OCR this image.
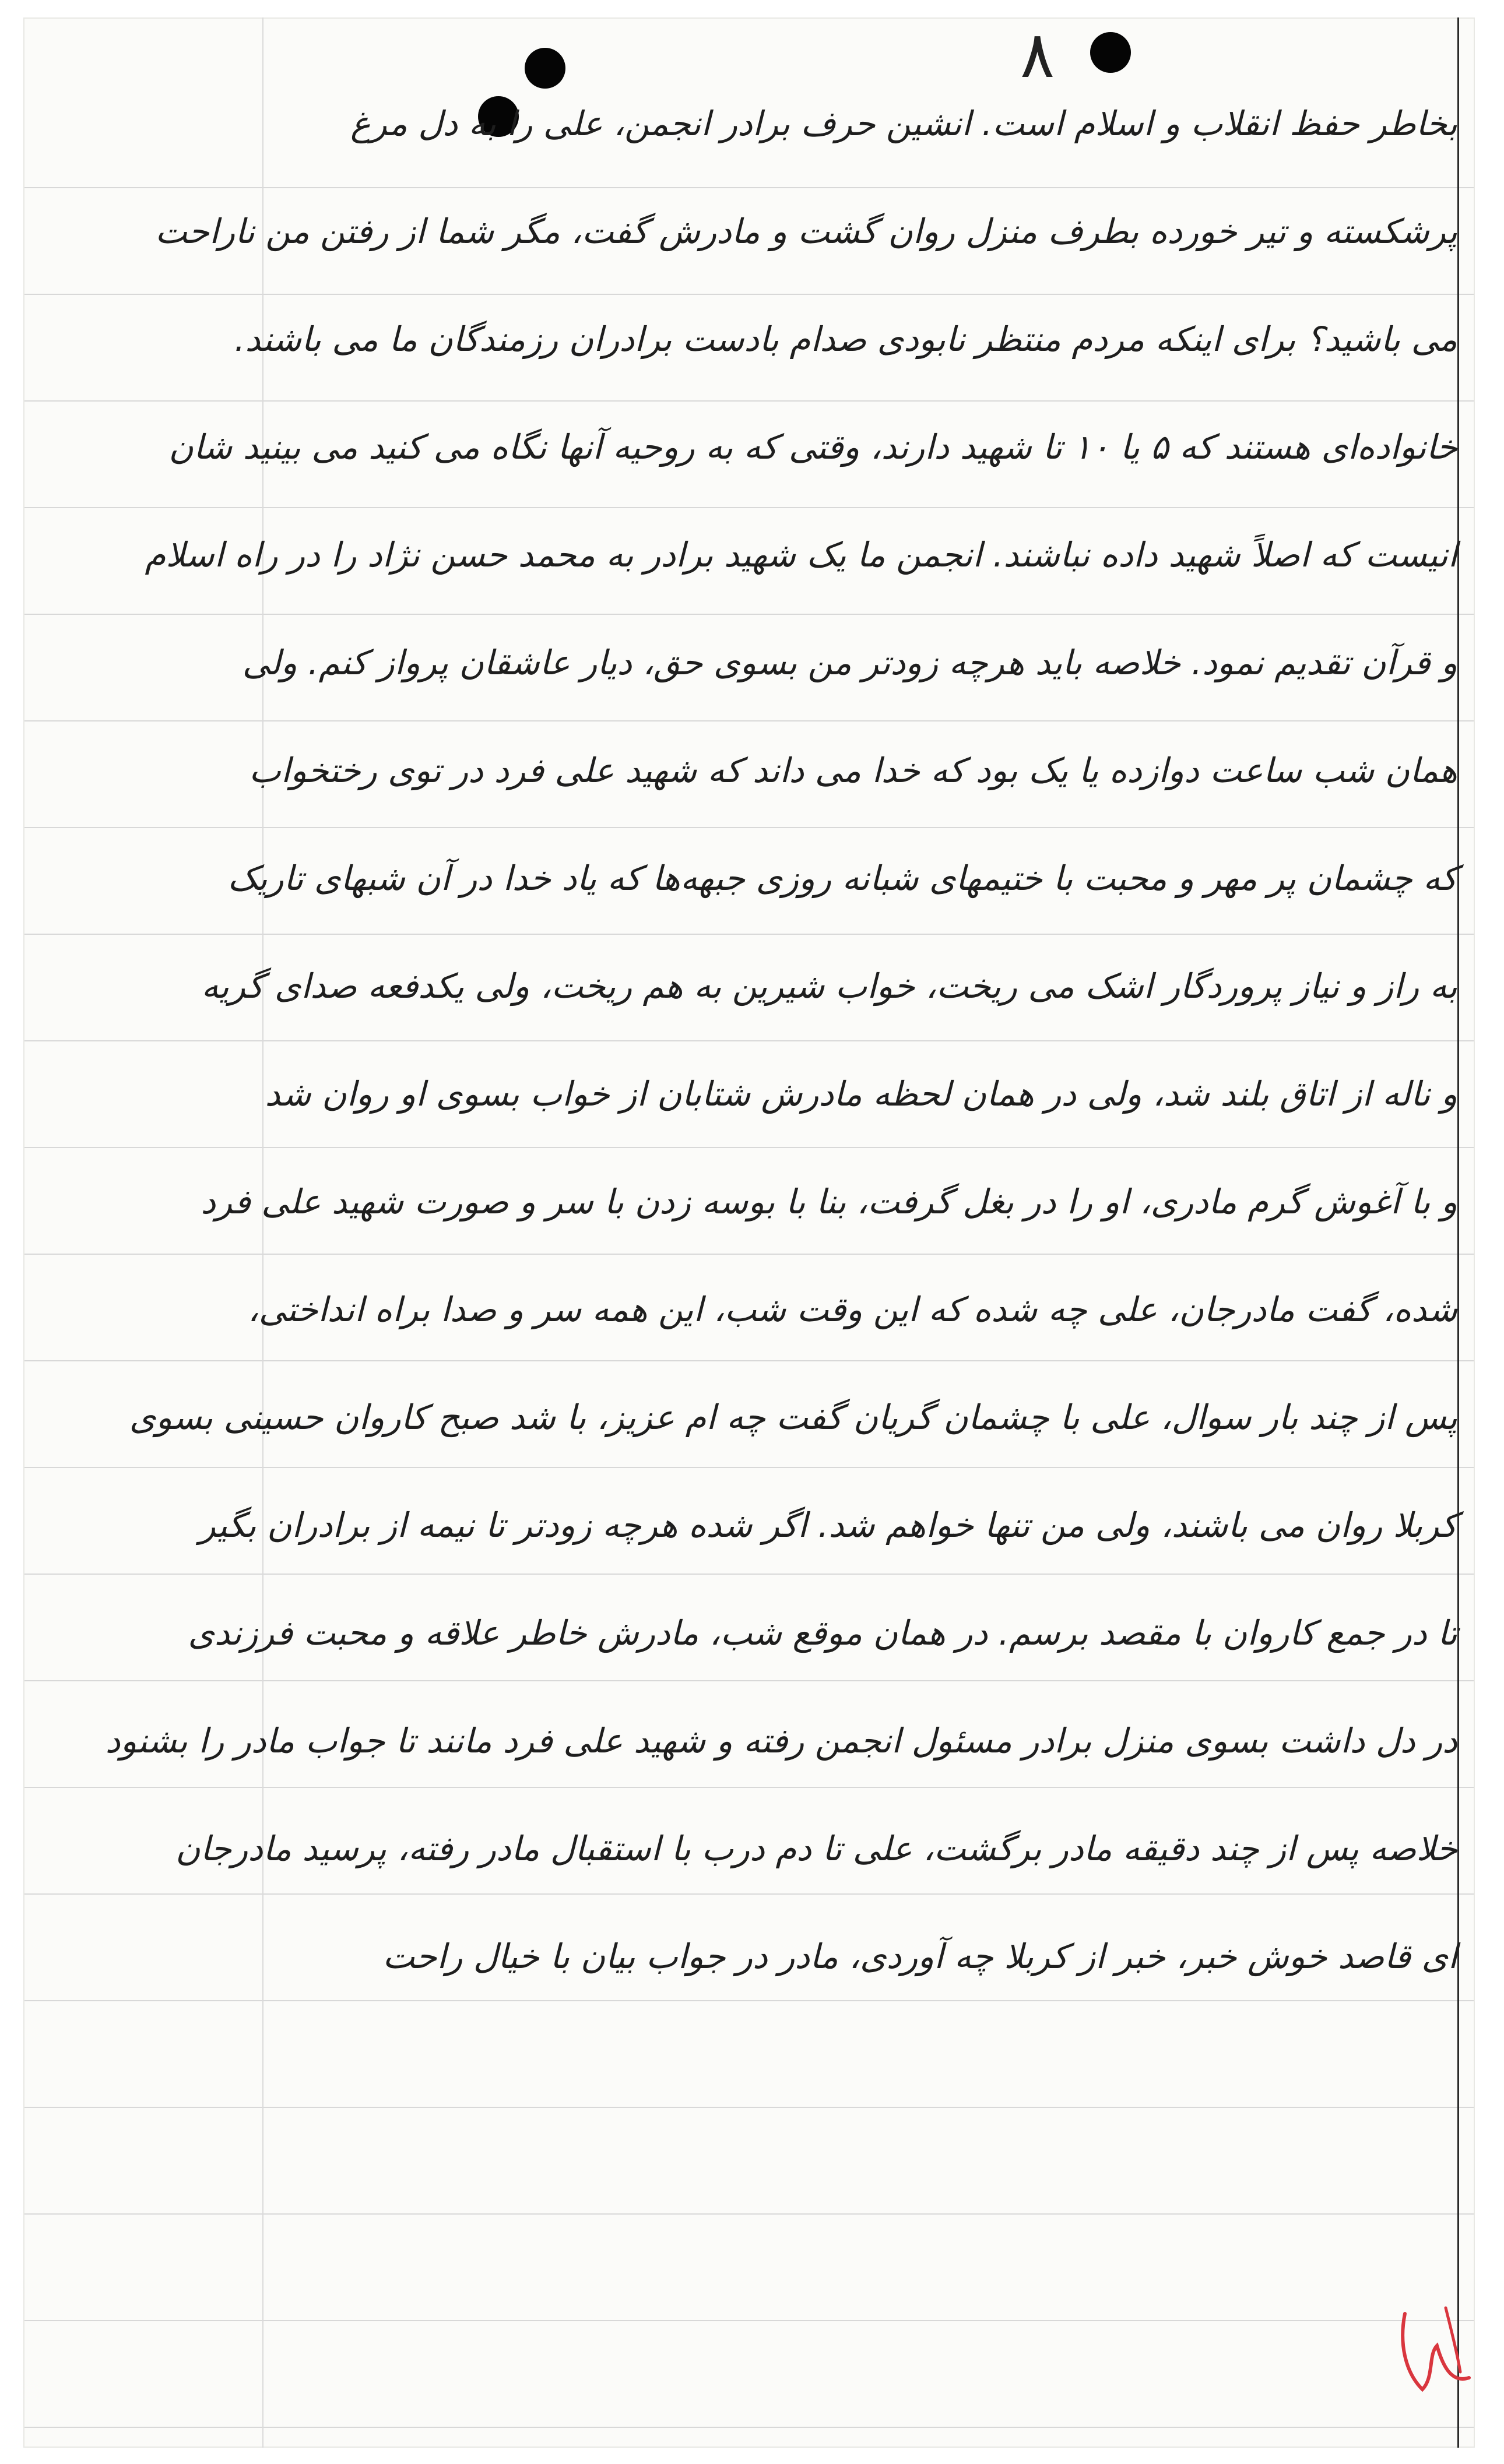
۸
بخاطر حفظ انقلاب و اسلام است. انشین حرف برادر انجمن، علی را به دل مرغ
پرشکسته و تیر خورده بطرف منزل روان گشت و مادرش گفت، مگر شما از رفتن من ناراحت
می باشید؟ برای اینکه مردم منتظر نابودی صدام بادست برادران رزمندگان ما می باشند.
خانواده‌ای هستند که ۵ یا ۱۰ تا شهید دارند، وقتی که به روحیه آنها نگاه می کنید می بینید شان
انیست که اصلاً شهید داده نباشند. انجمن ما یک شهید برادر به محمد حسن نژاد را در راه اسلام
و قرآن تقدیم نمود. خلاصه باید هرچه زودتر من بسوی حق، دیار عاشقان پرواز کنم. ولی
همان شب ساعت دوازده یا یک بود که خدا می داند که شهید علی فرد در توی رختخواب
که چشمان پر مهر و محبت با ختیمهای شبانه روزی جبهه‌ها که یاد خدا در آن شبهای تاریک
به راز و نیاز پروردگار اشک می ریخت، خواب شیرین به هم ریخت، ولی یکدفعه صدای گریه
و ناله از اتاق بلند شد، ولی در همان لحظه مادرش شتابان از خواب بسوی او روان شد
و با آغوش گرم مادری، او را در بغل گرفت، بنا با بوسه زدن با سر و صورت شهید علی فرد
شده، گفت مادرجان، علی چه شده که این وقت شب، این همه سر و صدا براه انداختی،
پس از چند بار سوال، علی با چشمان گریان گفت چه ام عزیز، با شد صبح کاروان حسینی بسوی
کربلا روان می باشند، ولی من تنها خواهم شد. اگر شده هرچه زودتر تا نیمه از برادران بگیر
تا در جمع کاروان با مقصد برسم. در همان موقع شب، مادرش خاطر علاقه و محبت فرزندی
در دل داشت بسوی منزل برادر مسئول انجمن رفته و شهید علی فرد مانند تا جواب مادر را بشنود
خلاصه پس از چند دقیقه مادر برگشت، علی تا دم درب با استقبال مادر رفته، پرسید مادرجان
ای قاصد خوش خبر، خبر از کربلا چه آوردی، مادر در جواب بیان با خیال راحت
